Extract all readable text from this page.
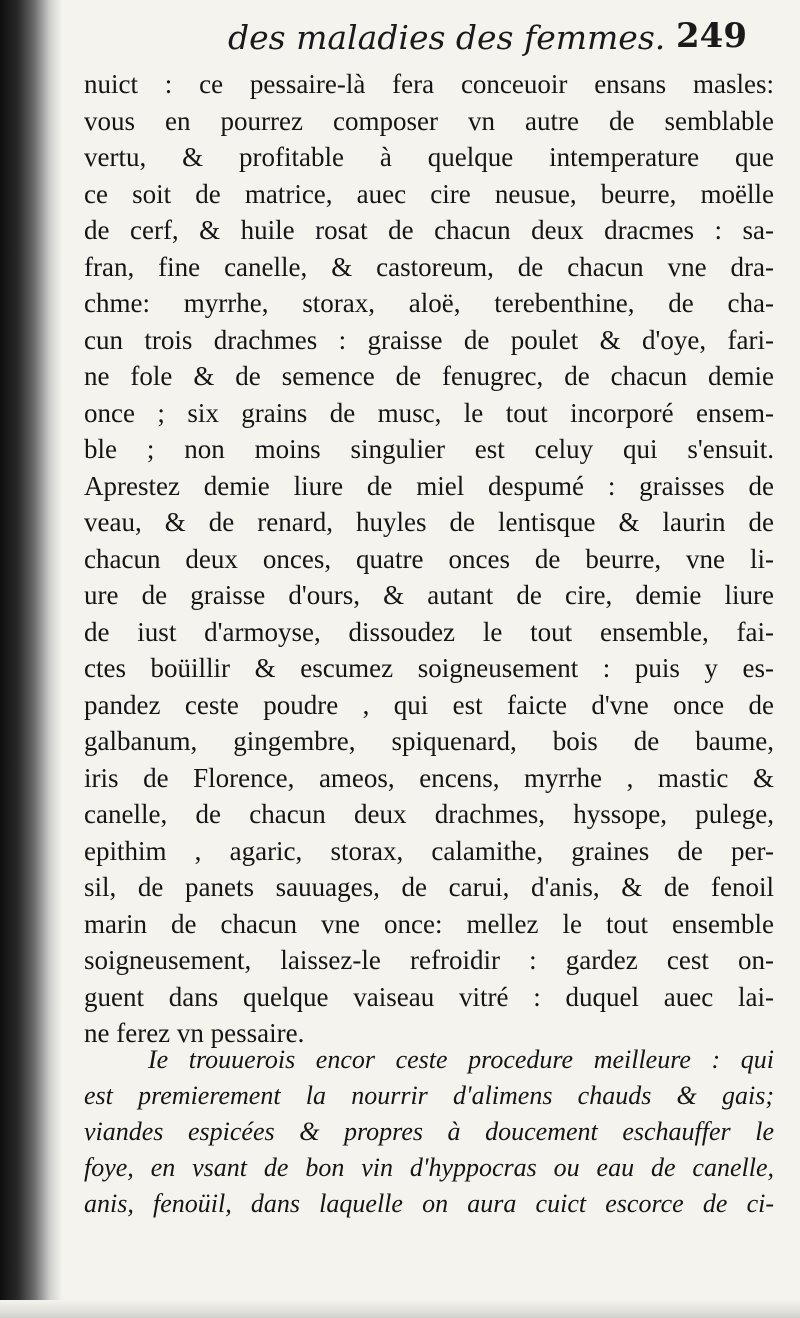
des maladies des femmes. 249
nuict : ce pessaire-là fera conceuoir ensans masles:
vous en pourrez composer vn autre de semblable
vertu, & profitable à quelque intemperature que
ce soit de matrice, auec cire neusue, beurre, moëlle
de cerf, & huile rosat de chacun deux dracmes : sa-
fran, fine canelle, & castoreum, de chacun vne dra-
chme: myrrhe, storax, aloë, terebenthine, de cha-
cun trois drachmes : graisse de poulet & d'oye, fari-
ne fole & de semence de fenugrec, de chacun demie
once ; six grains de musc, le tout incorporé ensem-
ble ; non moins singulier est celuy qui s'ensuit.
Aprestez demie liure de miel despumé : graisses de
veau, & de renard, huyles de lentisque & laurin de
chacun deux onces, quatre onces de beurre, vne li-
ure de graisse d'ours, & autant de cire, demie liure
de iust d'armoyse, dissoudez le tout ensemble, fai-
ctes boüillir & escumez soigneusement : puis y es-
pandez ceste poudre , qui est faicte d'vne once de
galbanum, gingembre, spiquenard, bois de baume,
iris de Florence, ameos, encens, myrrhe , mastic &
canelle, de chacun deux drachmes, hyssope, pulege,
epithim , agaric, storax, calamithe, graines de per-
sil, de panets sauuages, de carui, d'anis, & de fenoil
marin de chacun vne once: mellez le tout ensemble
soigneusement, laissez-le refroidir : gardez cest on-
guent dans quelque vaiseau vitré : duquel auec lai-
ne ferez vn pessaire.
Ie trouuerois encor ceste procedure meilleure : qui
est premierement la nourrir d'alimens chauds & gais;
viandes espicées & propres à doucement eschauffer le
foye, en vsant de bon vin d'hyppocras ou eau de canelle,
anis, fenoüil, dans laquelle on aura cuict escorce de ci-
